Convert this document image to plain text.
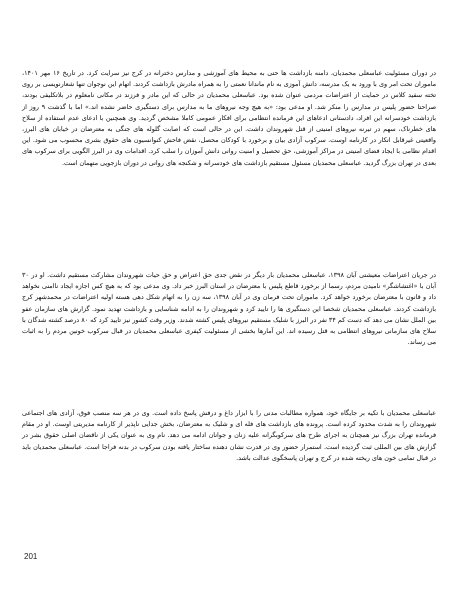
در دوران مسئولیت عباسعلی محمدیان، دامنه بازداشت ها حتی به محیط های آموزشی و مدارس دخترانه در کرج نیز سرایت کرد. در تاریخ ۱۶ مهر ۱۴۰۱، ماموران تحت امر وی با ورود به یک مدرسه، دانش آموزی به نام ماندانا نعمتی را به همراه مادرش بازداشت کردند. اتهام این نوجوان تنها شعارنویسی بر روی تخته سفید کلاس در حمایت از اعتراضات مردمی عنوان شده بود. عباسعلی محمدیان در حالی که این مادر و فرزند در مکانی نامعلوم در بلاتکلیفی بودند، صراحتا حضور پلیس در مدارس را منکر شد. او مدعی بود: «به هیچ وجه نیروهای ما به مدارس برای دستگیری حاضر نشده اند.» اما با گذشت ۹ روز از بازداشت خودسرانه این افراد، دادستانی ادعاهای این فرمانده انتظامی برای افکار عمومی کاملا مشخص گردید. وی همچنین با ادعای عدم استفاده از سلاح های خطرناک، سهم در تیرنه نیروهای امنیتی از قتل شهروندان داشت. این در حالی است که اصابت گلوله های جنگی به معترضان در خیابان های البرز، واقعیتی غیرقابل انکار در کارنامه اوست. سرکوب آزادی بیان و برخورد با کودکان محصل، نقض فاحش کنوانسیون های حقوق بشری محسوب می شود. این اقدام نظامی با ایجاد فضای امنیتی در مراکز آموزشی، حق تحصیل و امنیت روانی دانش آموزان را سلب کرد. اقدامات وی در البرز الگویی برای سرکوب های بعدی در تهران بزرگ گردید. عباسعلی محمدیان مسئول مستقیم بازداشت های خودسرانه و شکنجه های روانی در دوران بازجویی متهمان است.

در جریان اعتراضات معیشتی آبان ۱۳۹۸، عباسعلی محمدیان بار دیگر در نقض جدی حق اعتراض و حق حیات شهروندان مشارکت مستقیم داشت. او در ۳۰ آبان با «اغتشاشگر» نامیدن مردم، رسما از برخورد قاطع پلیس با معترضان در استان البرز خبر داد. وی مدعی بود که به هیچ کس اجازه ایجاد ناامنی نخواهد داد و قانون با معترضان برخورد خواهد کرد. ماموران تحت فرمان وی در آبان ۱۳۹۸، سه زن را به اتهام شکل دهی هسته اولیه اعتراضات در محمدشهر کرج بازداشت کردند. عباسعلی محمدیان شخصا این دستگیری ها را تایید کرد و شهروندان را به ادامه شناسایی و بازداشت تهدید نمود. گزارش های سازمان عفو بین الملل نشان می دهد که دست کم ۳۴ نفر در البرز با شلیک مستقیم نیروهای پلیس کشته شدند. وزیر وقت کشور نیز تایید کرد که ۸۰ درصد کشته شدگان با سلاح های سازمانی نیروهای انتظامی به قتل رسیده اند. این آمارها بخشی از مسئولیت کیفری عباسعلی محمدیان در قبال سرکوب خونین مردم را به اثبات می رساند.

عباسعلی محمدیان با تکیه بر جایگاه خود، همواره مطالبات مدنی را با ابزار داغ و درفش پاسخ داده است. وی در هر سه منصب فوق، آزادی های اجتماعی شهروندان را به شدت محدود کرده است. پرونده های بازداشت های فله ای و شلیک به معترضان، بخش جدایی ناپذیر از کارنامه مدیریتی اوست. او در مقام فرمانده تهران بزرگ نیز همچنان به اجرای طرح های سرکوبگرانه علیه زنان و جوانان ادامه می دهد. نام وی به عنوان یکی از ناقضان اصلی حقوق بشر در گزارش های بین المللی ثبت گردیده است. استمرار حضور وی در قدرت نشان دهنده ساختار یافته بودن سرکوب در بدنه فراجا است. عباسعلی محمدیان باید در قبال تمامی خون های ریخته شده در کرج و تهران پاسخگوی عدالت باشد.

201
